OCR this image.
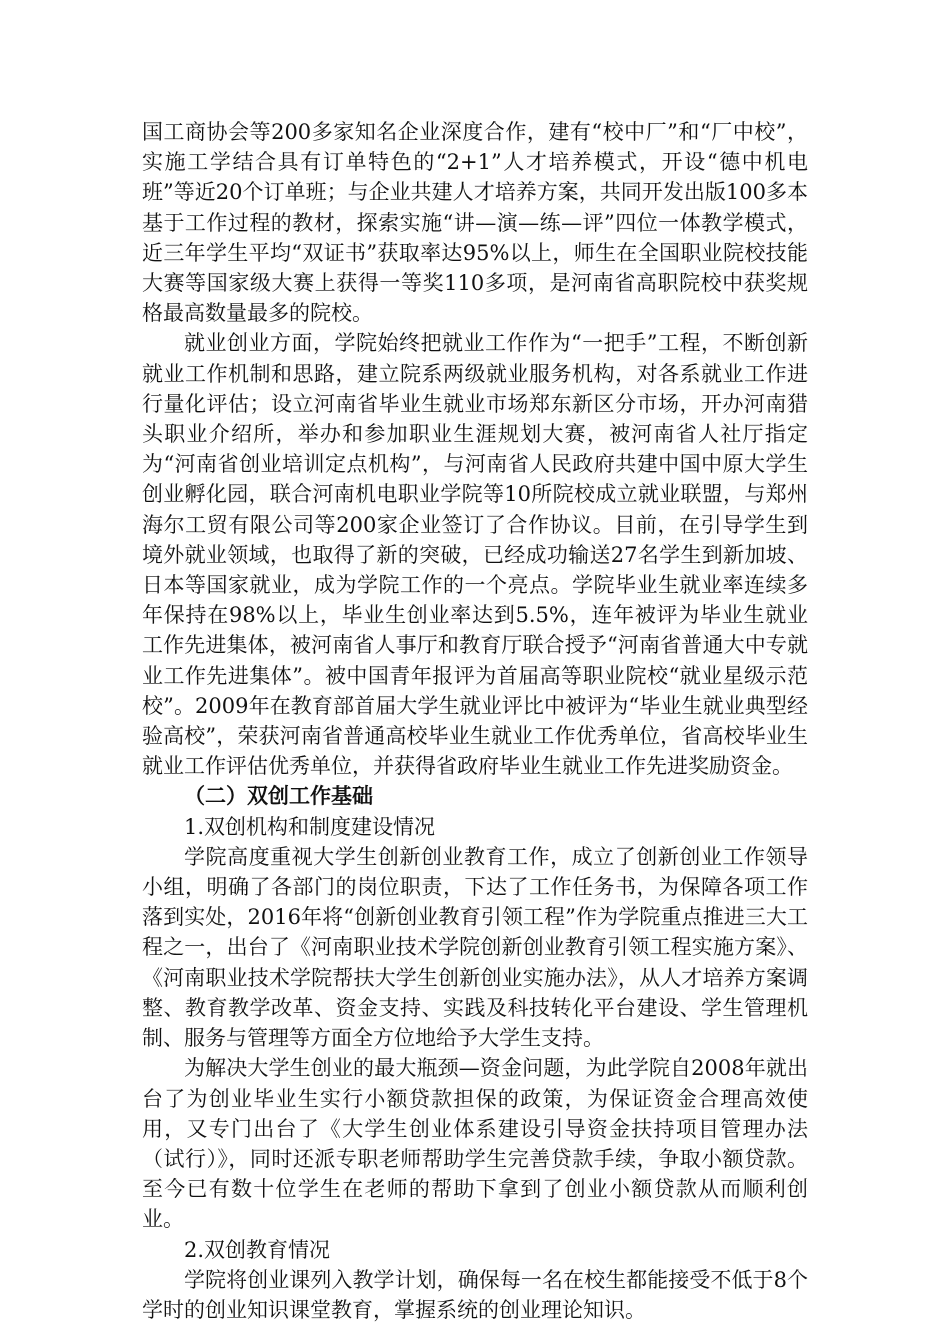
国工商协会等200多家知名企业深度合作，建有“校中厂”和“厂中校”，实施工学结合具有订单特色的“2+1”人才培养模式，开设“德中机电班”等近20个订单班；与企业共建人才培养方案，共同开发出版100多本基于工作过程的教材，探索实施“讲—演—练—评”四位一体教学模式，近三年学生平均“双证书”获取率达95%以上，师生在全国职业院校技能大赛等国家级大赛上获得一等奖110多项，是河南省高职院校中获奖规格最高数量最多的院校。

就业创业方面，学院始终把就业工作作为“一把手”工程，不断创新就业工作机制和思路，建立院系两级就业服务机构，对各系就业工作进行量化评估；设立河南省毕业生就业市场郑东新区分市场，开办河南猎头职业介绍所，举办和参加职业生涯规划大赛，被河南省人社厅指定为“河南省创业培训定点机构”，与河南省人民政府共建中国中原大学生创业孵化园，联合河南机电职业学院等10所院校成立就业联盟，与郑州海尔工贸有限公司等200家企业签订了合作协议。目前，在引导学生到境外就业领域，也取得了新的突破，已经成功输送27名学生到新加坡、日本等国家就业，成为学院工作的一个亮点。学院毕业生就业率连续多年保持在98%以上，毕业生创业率达到5.5%，连年被评为毕业生就业工作先进集体，被河南省人事厅和教育厅联合授予“河南省普通大中专就业工作先进集体”。被中国青年报评为首届高等职业院校“就业星级示范校”。2009年在教育部首届大学生就业评比中被评为“毕业生就业典型经验高校”，荣获河南省普通高校毕业生就业工作优秀单位，省高校毕业生就业工作评估优秀单位，并获得省政府毕业生就业工作先进奖励资金。

（二）双创工作基础

1.双创机构和制度建设情况

学院高度重视大学生创新创业教育工作，成立了创新创业工作领导小组，明确了各部门的岗位职责，下达了工作任务书，为保障各项工作落到实处，2016年将“创新创业教育引领工程”作为学院重点推进三大工程之一，出台了《河南职业技术学院创新创业教育引领工程实施方案》、《河南职业技术学院帮扶大学生创新创业实施办法》，从人才培养方案调整、教育教学改革、资金支持、实践及科技转化平台建设、学生管理机制、服务与管理等方面全方位地给予大学生支持。

为解决大学生创业的最大瓶颈—资金问题，为此学院自2008年就出台了为创业毕业生实行小额贷款担保的政策，为保证资金合理高效使用，又专门出台了《大学生创业体系建设引导资金扶持项目管理办法（试行）》，同时还派专职老师帮助学生完善贷款手续，争取小额贷款。至今已有数十位学生在老师的帮助下拿到了创业小额贷款从而顺利创业。

2.双创教育情况

学院将创业课列入教学计划，确保每一名在校生都能接受不低于8个学时的创业知识课堂教育，掌握系统的创业理论知识。
